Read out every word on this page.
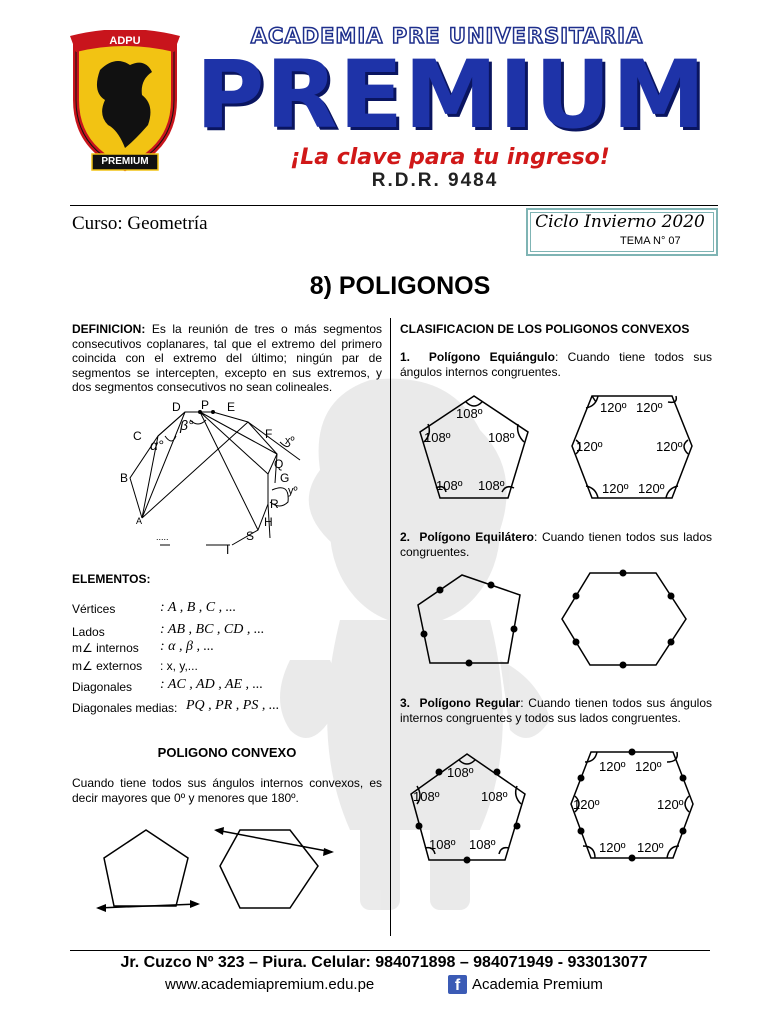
ADPU
PREMIUM
ACADEMIA PRE UNIVERSITARIA
PREMIUM
¡La clave para tu ingreso!
R.D.R. 9484
Curso: Geometría	Ciclo Invierno 2020
TEMA N° 07
8) POLIGONOS
DEFINICION: Es la reunión de tres o más segmentos consecutivos coplanares, tal que el extremo del primero coincida con el extremo del último; ningún par de segmentos se intercepten, excepto en sus extremos, y dos segmentos consecutivos no sean colineales.
D P E
C
α°
β°
F xº
Q
B	G
yº
R
A	H
S
I
.....
ELEMENTOS:
Vértices	: A , B , C , ...
Lados	: AB , BC , CD , ...
m∠ internos : α , β , ...
m∠ externos : x, y,...
Diagonales : AC , AD , AE , ...
Diagonales medias: PQ , PR , PS , ...
POLIGONO CONVEXO
Cuando tiene todos sus ángulos internos convexos, es decir mayores que 0º y menores que 180º.
CLASIFICACION DE LOS POLIGONOS CONVEXOS
1. Polígono Equiángulo: Cuando tiene todos sus ángulos internos congruentes.
108º
108º	108º
108º 108º
120º 120º
120º	120º
120º 120º
2. Polígono Equilátero: Cuando tienen todos sus lados congruentes.
3. Polígono Regular: Cuando tienen todos sus ángulos internos congruentes y todos sus lados congruentes.
108º
108º	108º
108º 108º
120º 120º
120º	120º
120º 120º
Jr. Cuzco Nº 323 – Piura. Celular: 984071898 – 984071949 - 933013077
www.academiapremium.edu.pe	f Academia Premium
